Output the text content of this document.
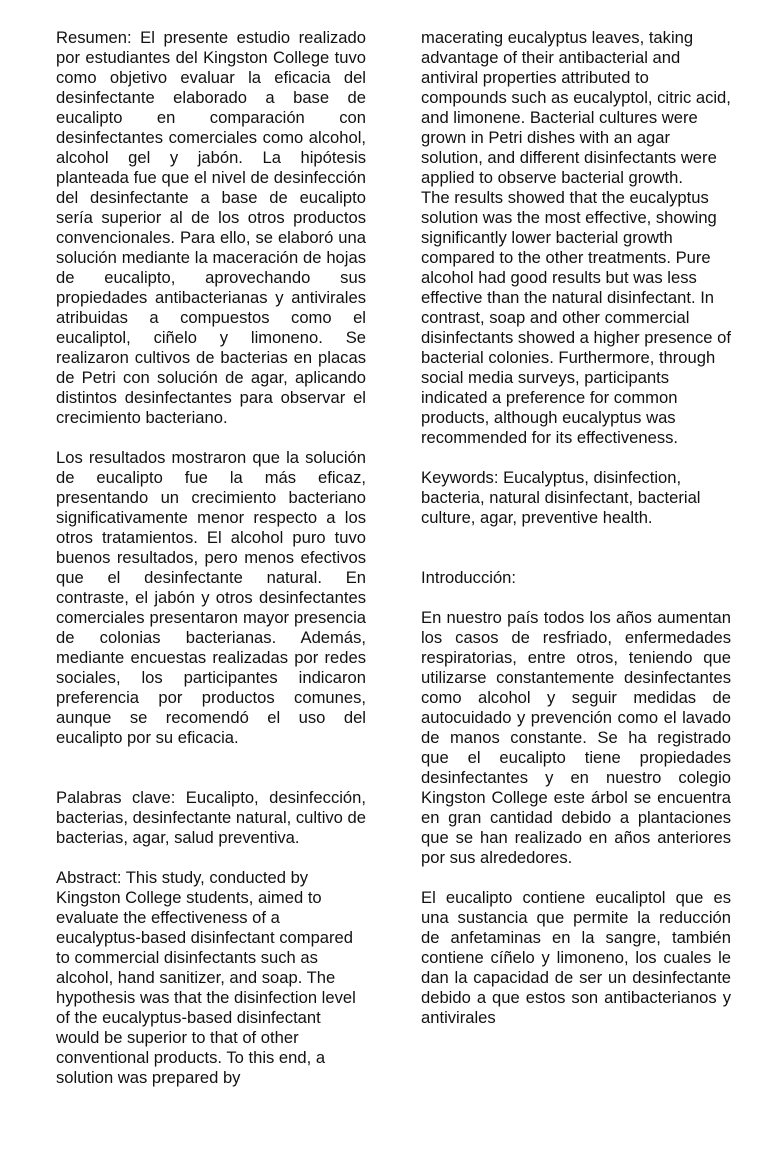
Resumen: El presente estudio realizado por estudiantes del Kingston College tuvo como objetivo evaluar la eficacia del desinfectante elaborado a base de eucalipto en comparación con desinfectantes comerciales como alcohol, alcohol gel y jabón. La hipótesis planteada fue que el nivel de desinfección del desinfectante a base de eucalipto sería superior al de los otros productos convencionales. Para ello, se elaboró una solución mediante la maceración de hojas de eucalipto, aprovechando sus propiedades antibacterianas y antivirales atribuidas a compuestos como el eucaliptol, ciñelo y limoneno. Se realizaron cultivos de bacterias en placas de Petri con solución de agar, aplicando distintos desinfectantes para observar el crecimiento bacteriano.

Los resultados mostraron que la solución de eucalipto fue la más eficaz, presentando un crecimiento bacteriano significativamente menor respecto a los otros tratamientos. El alcohol puro tuvo buenos resultados, pero menos efectivos que el desinfectante natural. En contraste, el jabón y otros desinfectantes comerciales presentaron mayor presencia de colonias bacterianas. Además, mediante encuestas realizadas por redes sociales, los participantes indicaron preferencia por productos comunes, aunque se recomendó el uso del eucalipto por su eficacia.

Palabras clave: Eucalipto, desinfección, bacterias, desinfectante natural, cultivo de bacterias, agar, salud preventiva.

Abstract: This study, conducted by Kingston College students, aimed to evaluate the effectiveness of a eucalyptus-based disinfectant compared to commercial disinfectants such as alcohol, hand sanitizer, and soap. The hypothesis was that the disinfection level of the eucalyptus-based disinfectant would be superior to that of other conventional products. To this end, a solution was prepared by

macerating eucalyptus leaves, taking advantage of their antibacterial and antiviral properties attributed to compounds such as eucalyptol, citric acid, and limonene. Bacterial cultures were grown in Petri dishes with an agar solution, and different disinfectants were applied to observe bacterial growth.

The results showed that the eucalyptus solution was the most effective, showing significantly lower bacterial growth compared to the other treatments. Pure alcohol had good results but was less effective than the natural disinfectant. In contrast, soap and other commercial disinfectants showed a higher presence of bacterial colonies. Furthermore, through social media surveys, participants indicated a preference for common products, although eucalyptus was recommended for its effectiveness.

Keywords: Eucalyptus, disinfection, bacteria, natural disinfectant, bacterial culture, agar, preventive health.

Introducción:

En nuestro país todos los años aumentan los casos de resfriado, enfermedades respiratorias, entre otros, teniendo que utilizarse constantemente desinfectantes como alcohol y seguir medidas de autocuidado y prevención como el lavado de manos constante. Se ha registrado que el eucalipto tiene propiedades desinfectantes y en nuestro colegio Kingston College este árbol se encuentra en gran cantidad debido a plantaciones que se han realizado en años anteriores por sus alrededores.

El eucalipto contiene eucaliptol que es una sustancia que permite la reducción de anfetaminas en la sangre, también contiene cíñelo y limoneno, los cuales le dan la capacidad de ser un desinfectante debido a que estos son antibacterianos y antivirales
